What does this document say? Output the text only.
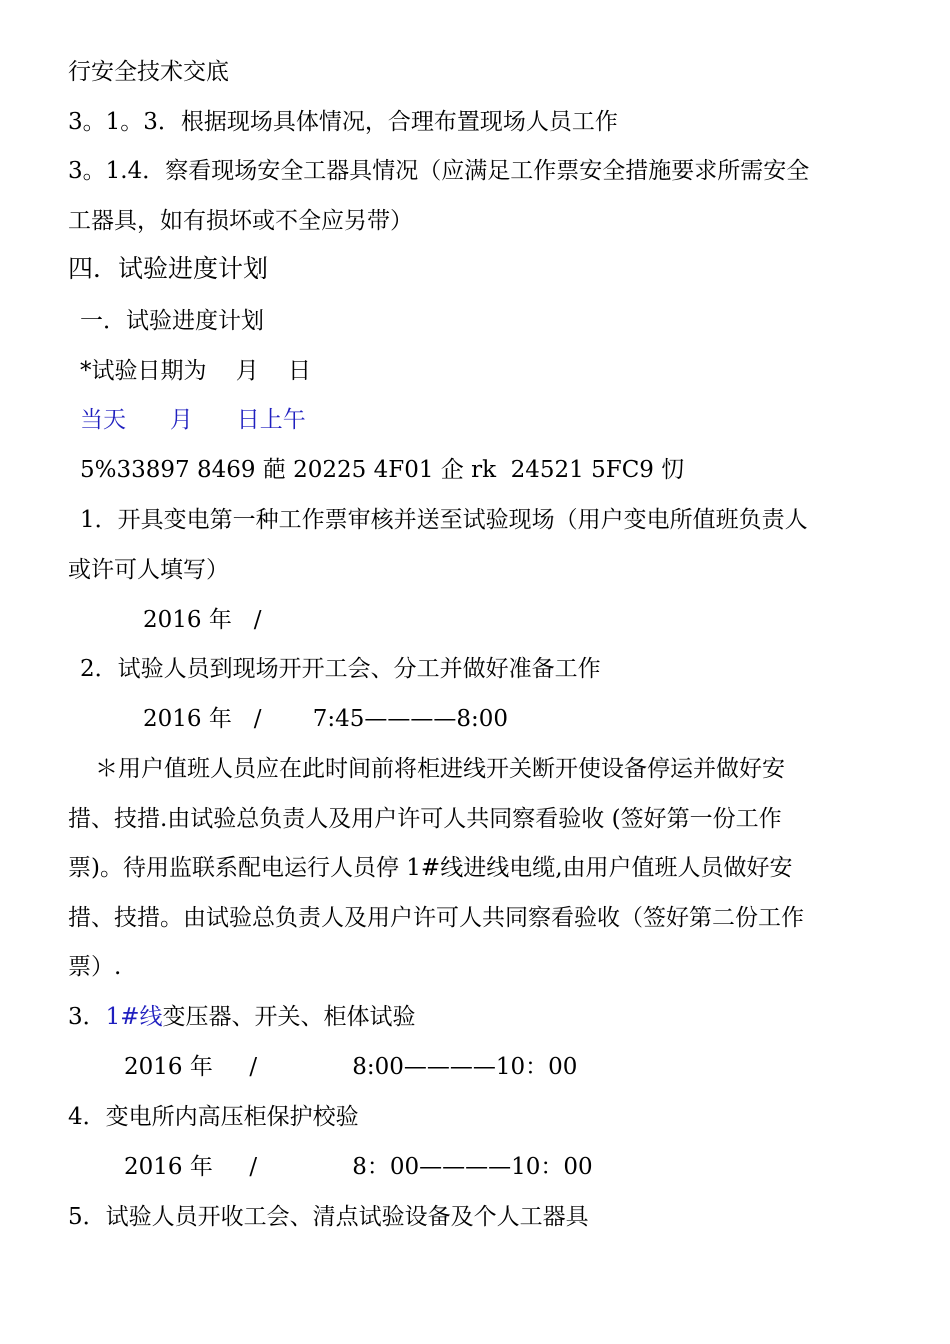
行安全技术交底
3。1。3．根据现场具体情况，合理布置现场人员工作
3。1.4．察看现场安全工器具情况（应满足工作票安全措施要求所需安全
工器具，如有损坏或不全应另带）
四．试验进度计划
一．试验进度计划
*试验日期为    月    日
当天      月      日上午
5%33897 8469 葩 20225 4F01 企 rk  24521 5FC9 忉
1．开具变电第一种工作票审核并送至试验现场（用户变电所值班负责人
或许可人填写）
2016 年   /
2．试验人员到现场开开工会、分工并做好准备工作
2016 年   /       7:45————8:00
＊用户值班人员应在此时间前将柜进线开关断开使设备停运并做好安
措、技措.由试验总负责人及用户许可人共同察看验收 (签好第一份工作
票)。待用监联系配电运行人员停 1#线进线电缆,由用户值班人员做好安
措、技措。由试验总负责人及用户许可人共同察看验收（签好第二份工作
票）.
3．1#线变压器、开关、柜体试验
2016 年     /             8:00————10：00
4．变电所内高压柜保护校验
2016 年     /             8：00————10：00
5．试验人员开收工会、清点试验设备及个人工器具
